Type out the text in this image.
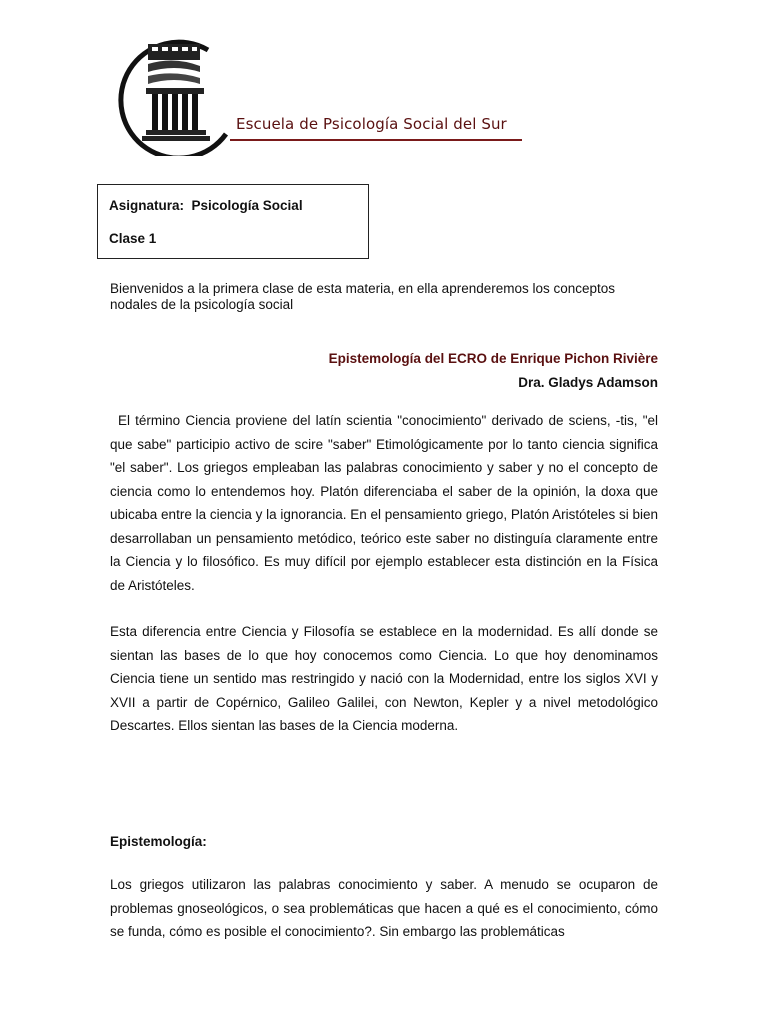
Escuela de Psicología Social del Sur
Asignatura: Psicología Social
Clase 1
Bienvenidos a la primera clase de esta materia, en ella aprenderemos los conceptos nodales de la psicología social
Epistemología del ECRO de Enrique Pichon Rivière
Dra. Gladys Adamson
El término Ciencia proviene del latín scientia "conocimiento" derivado de sciens, -tis, "el que sabe" participio activo de scire "saber" Etimológicamente por lo tanto ciencia significa "el saber". Los griegos empleaban las palabras conocimiento y saber y no el concepto de ciencia como lo entendemos hoy. Platón diferenciaba el saber de la opinión, la doxa que ubicaba entre la ciencia y la ignorancia. En el pensamiento griego, Platón Aristóteles si bien desarrollaban un pensamiento metódico, teórico este saber no distinguía claramente entre la Ciencia y lo filosófico. Es muy difícil por ejemplo establecer esta distinción en la Física de Aristóteles.
Esta diferencia entre Ciencia y Filosofía se establece en la modernidad. Es allí donde se sientan las bases de lo que hoy conocemos como Ciencia. Lo que hoy denominamos Ciencia tiene un sentido mas restringido y nació con la Modernidad, entre los siglos XVI y XVII a partir de Copérnico, Galileo Galilei, con Newton, Kepler y a nivel metodológico Descartes. Ellos sientan las bases de la Ciencia moderna.
Epistemología:
Los griegos utilizaron las palabras conocimiento y saber. A menudo se ocuparon de problemas gnoseológicos, o sea problemáticas que hacen a qué es el conocimiento, cómo se funda, cómo es posible el conocimiento?. Sin embargo las problemáticas
